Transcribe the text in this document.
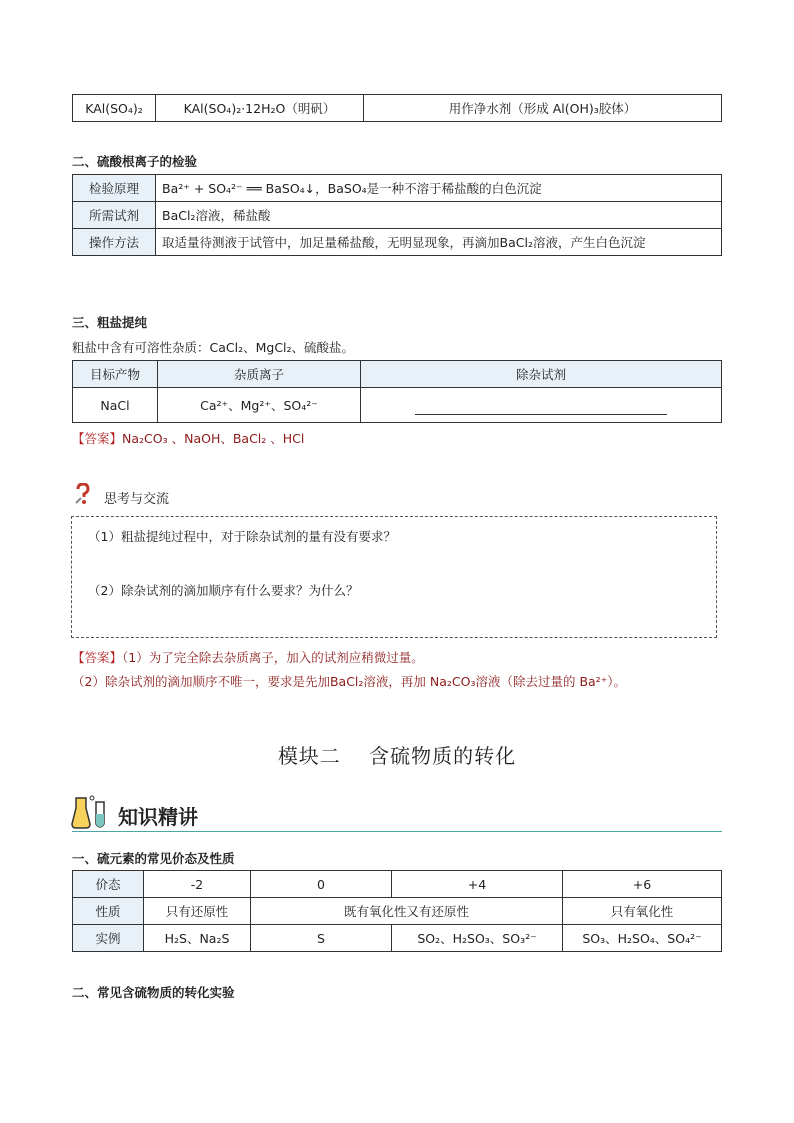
KAl(SO₄)₂	KAl(SO₄)₂·12H₂O（明矾）	用作净水剂（形成 Al(OH)₃胶体）
二、硫酸根离子的检验
检验原理	Ba²⁺ + SO₄²⁻ ══ BaSO₄↓，BaSO₄是一种不溶于稀盐酸的白色沉淀
所需试剂	BaCl₂溶液，稀盐酸
操作方法	取适量待测液于试管中，加足量稀盐酸，无明显现象，再滴加BaCl₂溶液，产生白色沉淀
三、粗盐提纯
粗盐中含有可溶性杂质：CaCl₂、MgCl₂、硫酸盐。
目标产物	杂质离子	除杂试剂
NaCl	Ca²⁺、Mg²⁺、SO₄²⁻	
【答案】Na₂CO₃ 、NaOH、BaCl₂ 、HCl
思考与交流
（1）粗盐提纯过程中，对于除杂试剂的量有没有要求？
（2）除杂试剂的滴加顺序有什么要求？为什么？
【答案】（1）为了完全除去杂质离子，加入的试剂应稍微过量。
（2）除杂试剂的滴加顺序不唯一，要求是先加BaCl₂溶液，再加 Na₂CO₃溶液（除去过量的 Ba²⁺）。
模块二　 含硫物质的转化
知识精讲
一、硫元素的常见价态及性质
价态	-2	0	+4	+6
性质	只有还原性	既有氧化性又有还原性		只有氧化性
实例	H₂S、Na₂S	S	SO₂、H₂SO₃、SO₃²⁻	SO₃、H₂SO₄、SO₄²⁻
二、常见含硫物质的转化实验
